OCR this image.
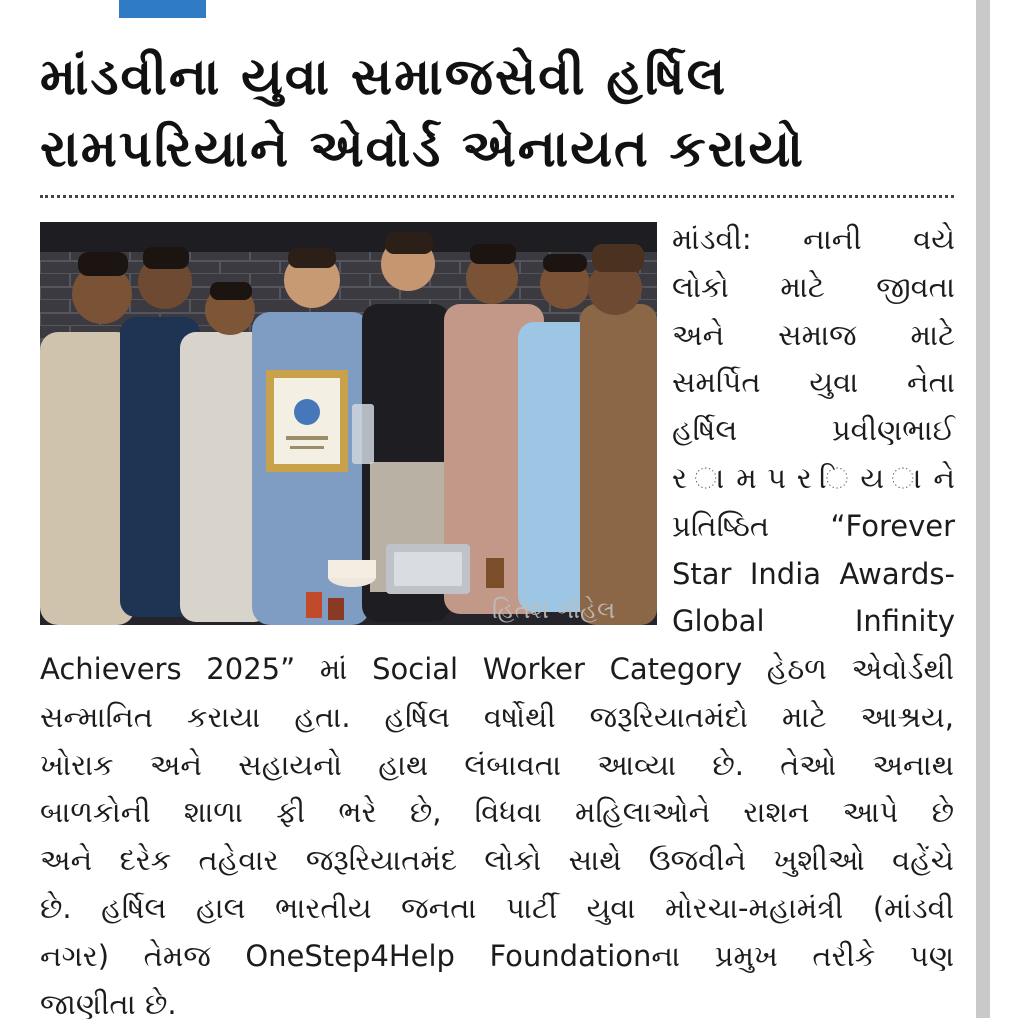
માંડવીના યુવા સમાજસેવી હર્ષિલ
રામપરિયાને એવોર્ડ એનાયત કરાયો
હિતેશ ગોહેલ
માંડવી: નાની વયે
લોકો માટે જીવતા
અને સમાજ માટે
સમર્પિત યુવા નેતા
હર્ષિલ પ્રવીણભાઈ
ર ા મ પ ર િ ય ા ને
પ્રતિષ્ઠિત “Forever
Star India Awards-
Global Infinity
Achievers 2025” માં Social Worker Category હેઠળ એવોર્ડથી
સન્માનિત કરાયા હતા. હર્ષિલ વર્ષોથી જરૂરિયાતમંદો માટે આશ્રય,
ખોરાક અને સહાયનો હાથ લંબાવતા આવ્યા છે. તેઓ અનાથ
બાળકોની શાળા ફી ભરે છે, વિધવા મહિલાઓને રાશન આપે છે
અને દરેક તહેવાર જરૂરિયાતમંદ લોકો સાથે ઉજવીને ખુશીઓ વહેંચે
છે. હર્ષિલ હાલ ભારતીય જનતા પાર્ટી યુવા મોરચા-મહામંત્રી (માંડવી
નગર) તેમજ OneStep4Help Foundationના પ્રમુખ તરીકે પણ
જાણીતા છે.
